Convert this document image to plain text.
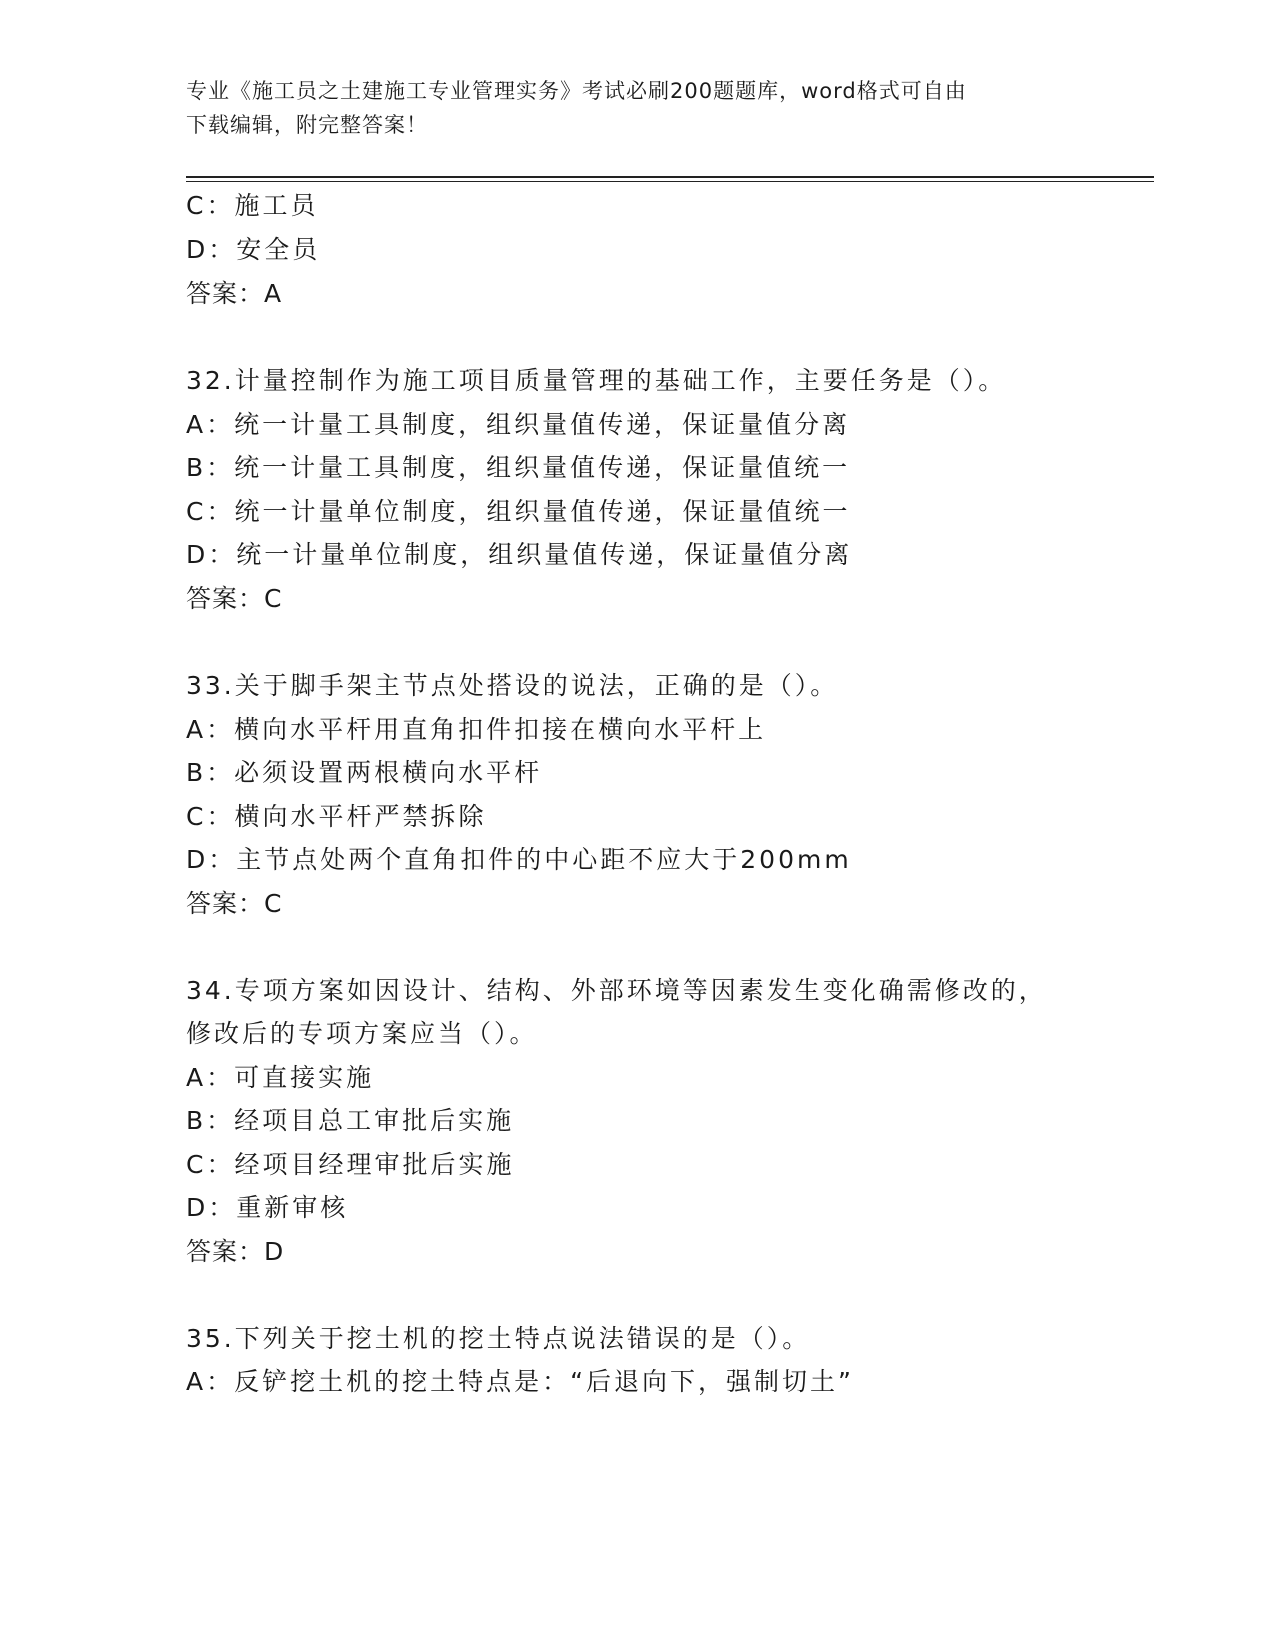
专业《施工员之土建施工专业管理实务》考试必刷200题题库，word格式可自由
下载编辑，附完整答案！
C：施工员
D：安全员
答案：A
32.计量控制作为施工项目质量管理的基础工作，主要任务是（）。
A：统一计量工具制度，组织量值传递，保证量值分离
B：统一计量工具制度，组织量值传递，保证量值统一
C：统一计量单位制度，组织量值传递，保证量值统一
D：统一计量单位制度，组织量值传递，保证量值分离
答案：C
33.关于脚手架主节点处搭设的说法，正确的是（）。
A：横向水平杆用直角扣件扣接在横向水平杆上
B：必须设置两根横向水平杆
C：横向水平杆严禁拆除
D：主节点处两个直角扣件的中心距不应大于200mm
答案：C
34.专项方案如因设计、结构、外部环境等因素发生变化确需修改的，
修改后的专项方案应当（）。
A：可直接实施
B：经项目总工审批后实施
C：经项目经理审批后实施
D：重新审核
答案：D
35.下列关于挖土机的挖土特点说法错误的是（）。
A：反铲挖土机的挖土特点是：“后退向下，强制切土”
